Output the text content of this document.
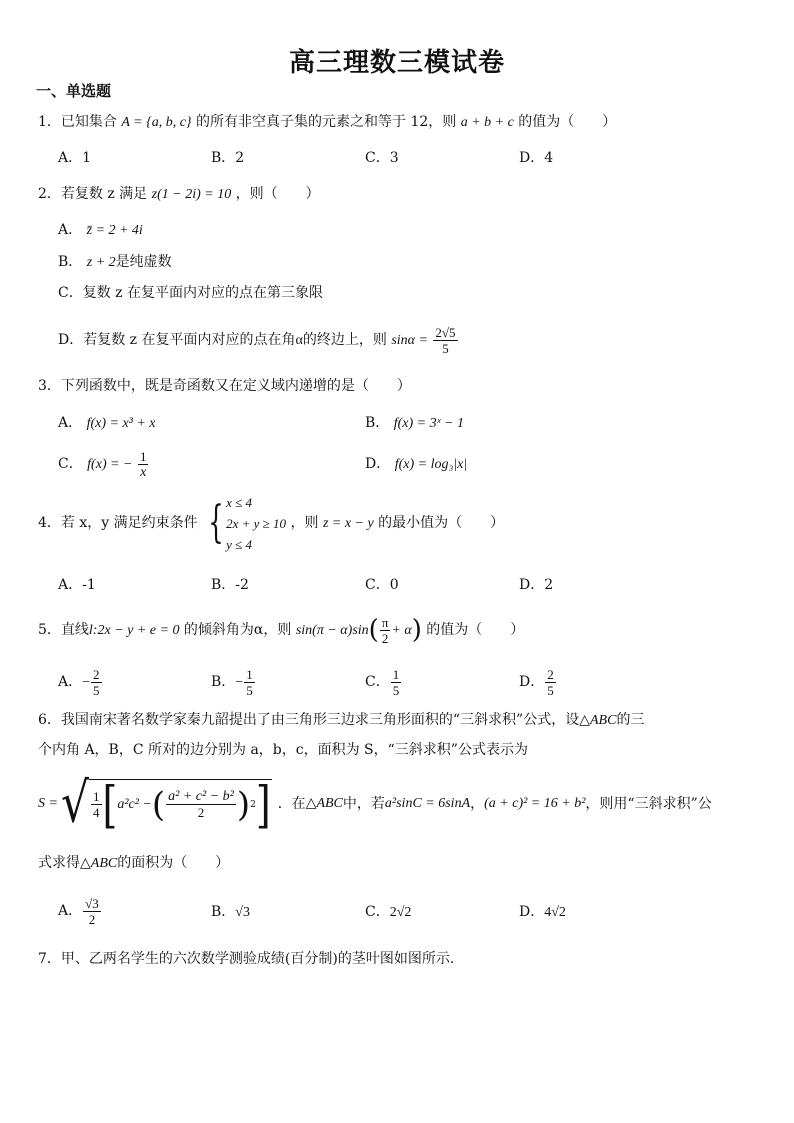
高三理数三模试卷
一、单选题
1．已知集合 A = {a, b, c} 的所有非空真子集的元素之和等于 12，则 a + b + c 的值为（　　）
A．1	B．2	C．3	D．4
2．若复数 z 满足 z(1 − 2i) = 10 ，则（　　）
A． z̄ = 2 + 4i
B． z + 2是纯虚数
C．复数 z 在复平面内对应的点在第三象限
D．若复数 z 在复平面内对应的点在角α的终边上，则 $\sin\alpha = \frac{2√5}{5}$
3．下列函数中，既是奇函数又在定义域内递增的是（　　）
A． f(x) = x³ + x	B． f(x) = 3ˣ − 1
C． f(x) = − $\frac{1}{x}$	D． f(x) = log₃|x|
4．若 x，y 满足约束条件 { x ≤ 4
2x + y ≥ 10
y ≤ 4
，则 z = x − y 的最小值为（　　）
A．-1	B．-2	C．0	D．2
5．直线l:2x − y + e = 0 的倾斜角为α，则 $\sin(\pi - \alpha)\sin( \frac{\pi}{2} + \alpha)$ 的值为（　　）
A．− $\frac{2}{5}$	B．− $\frac{1}{5}$	C． $\frac{1}{5}$	D． $\frac{2}{5}$
6．我国南宋著名数学家秦九韶提出了由三角形三边求三角形面积的“三斜求积”公式，设△ABC的三
个内角 A，B，C 所对的边分别为 a，b，c，面积为 S，“三斜求积”公式表示为
S = √ $\frac{1}{4}$ [ a²c² − ( $\frac{\text{a² + c² − b²}}{2}$ ) 2 ] ．在 △ABC 中，若 a²sinC = 6sinA ， (a + c)² = 16 + b² ，则用“三斜求积”公
式求得△ABC的面积为（　　）
A． $\frac{√3}{2}$	B．√3	C．2√2	D．4√2
7．甲、乙两名学生的六次数学测验成绩(百分制)的茎叶图如图所示.
